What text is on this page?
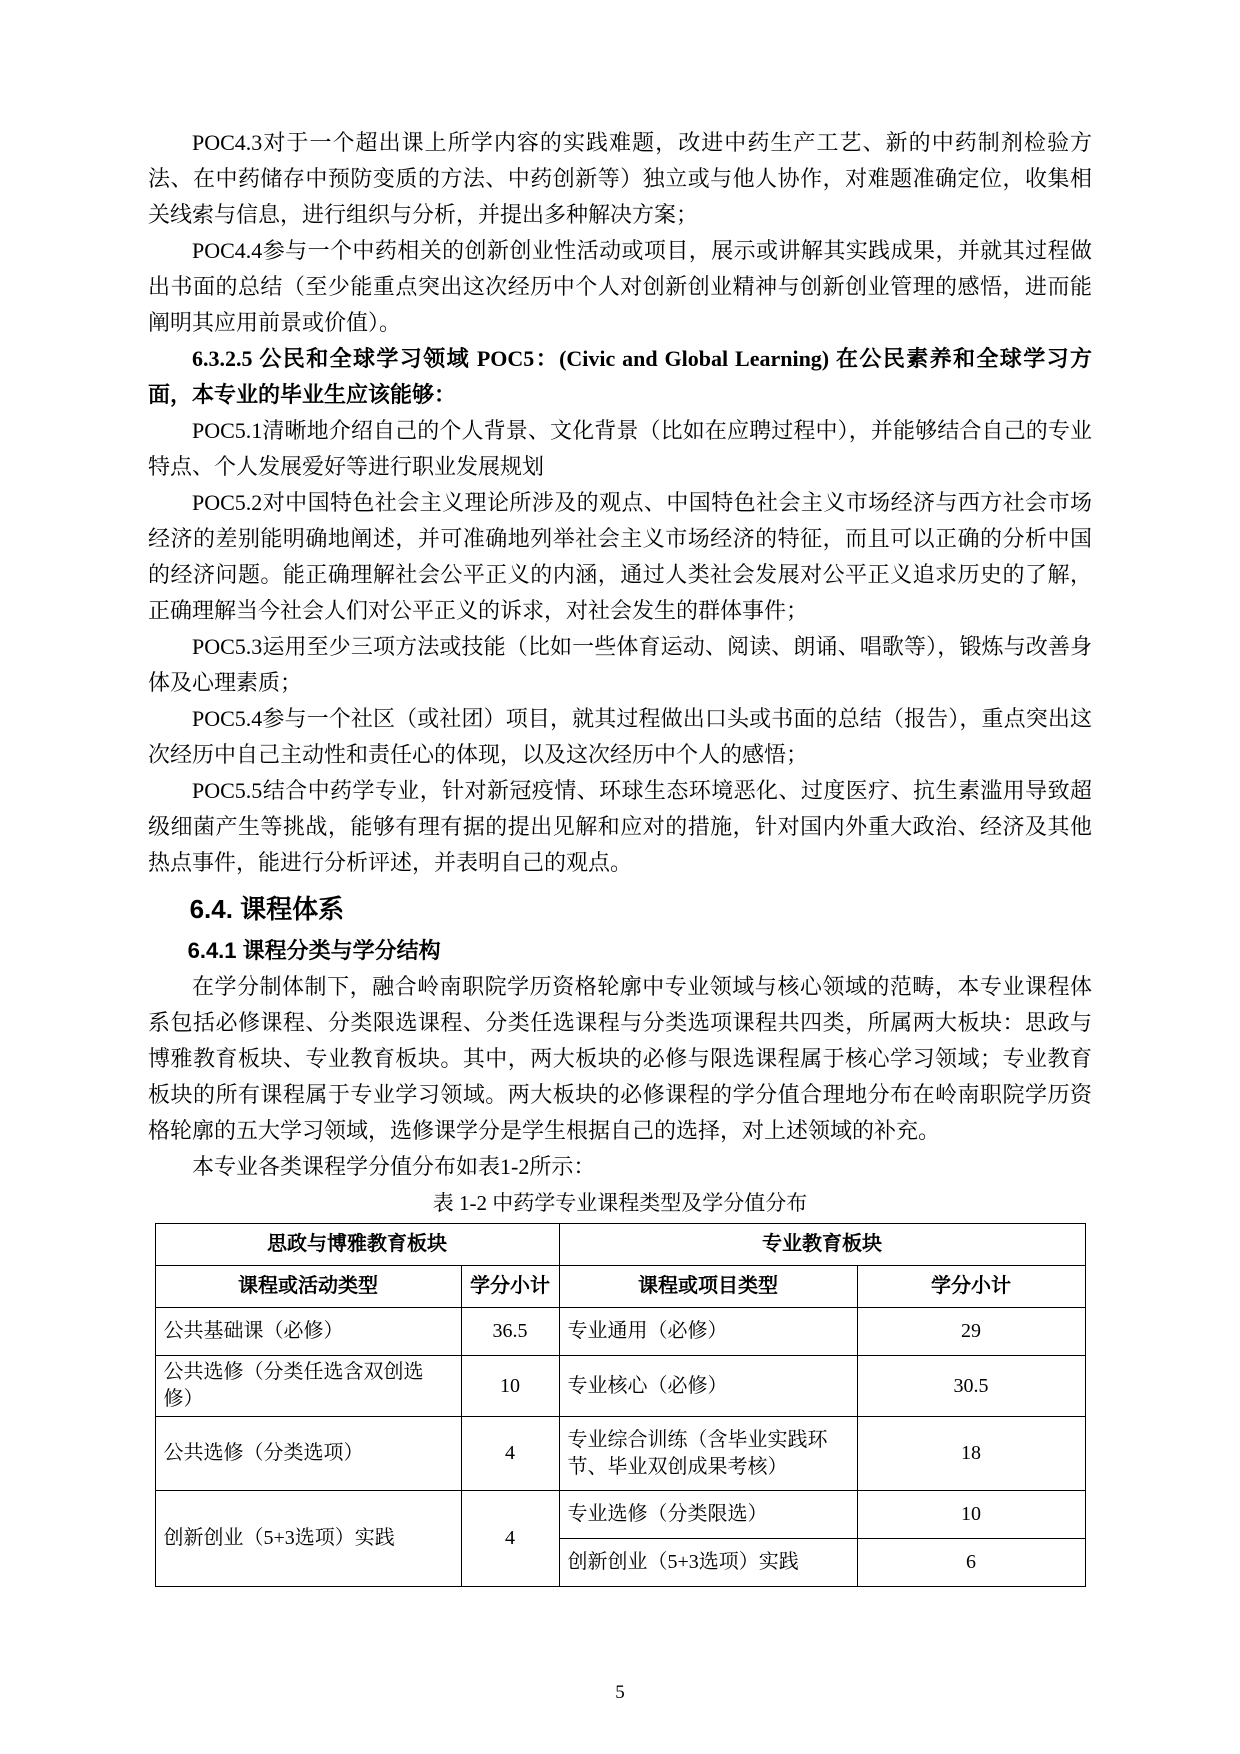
POC4.3对于一个超出课上所学内容的实践难题，改进中药生产工艺、新的中药制剂检验方法、在中药储存中预防变质的方法、中药创新等）独立或与他人协作，对难题准确定位，收集相关线索与信息，进行组织与分析，并提出多种解决方案；

POC4.4参与一个中药相关的创新创业性活动或项目，展示或讲解其实践成果，并就其过程做出书面的总结（至少能重点突出这次经历中个人对创新创业精神与创新创业管理的感悟，进而能阐明其应用前景或价值）。

6.3.2.5 公民和全球学习领域 POC5：(Civic and Global Learning) 在公民素养和全球学习方面，本专业的毕业生应该能够：

POC5.1清晰地介绍自己的个人背景、文化背景（比如在应聘过程中），并能够结合自己的专业特点、个人发展爱好等进行职业发展规划

POC5.2对中国特色社会主义理论所涉及的观点、中国特色社会主义市场经济与西方社会市场经济的差别能明确地阐述，并可准确地列举社会主义市场经济的特征，而且可以正确的分析中国的经济问题。能正确理解社会公平正义的内涵，通过人类社会发展对公平正义追求历史的了解，正确理解当今社会人们对公平正义的诉求，对社会发生的群体事件；

POC5.3运用至少三项方法或技能（比如一些体育运动、阅读、朗诵、唱歌等），锻炼与改善身体及心理素质；

POC5.4参与一个社区（或社团）项目，就其过程做出口头或书面的总结（报告），重点突出这次经历中自己主动性和责任心的体现，以及这次经历中个人的感悟；

POC5.5结合中药学专业，针对新冠疫情、环球生态环境恶化、过度医疗、抗生素滥用导致超级细菌产生等挑战，能够有理有据的提出见解和应对的措施，针对国内外重大政治、经济及其他热点事件，能进行分析评述，并表明自己的观点。

6.4. 课程体系
6.4.1 课程分类与学分结构

在学分制体制下，融合岭南职院学历资格轮廓中专业领域与核心领域的范畴，本专业课程体系包括必修课程、分类限选课程、分类任选课程与分类选项课程共四类，所属两大板块：思政与博雅教育板块、专业教育板块。其中，两大板块的必修与限选课程属于核心学习领域；专业教育板块的所有课程属于专业学习领域。两大板块的必修课程的学分值合理地分布在岭南职院学历资格轮廓的五大学习领域，选修课学分是学生根据自己的选择，对上述领域的补充。

本专业各类课程学分值分布如表1-2所示：

表 1-2 中药学专业课程类型及学分值分布
思政与博雅教育板块		专业教育板块	
课程或活动类型	学分小计	课程或项目类型	学分小计
公共基础课（必修）	36.5	专业通用（必修）	29
公共选修（分类任选含双创选修）	10	专业核心（必修）	30.5
公共选修（分类选项）	4	专业综合训练（含毕业实践环节、毕业双创成果考核）	18
创新创业（5+3选项）实践	4	专业选修（分类限选）	10
		创新创业（5+3选项）实践	6
5
